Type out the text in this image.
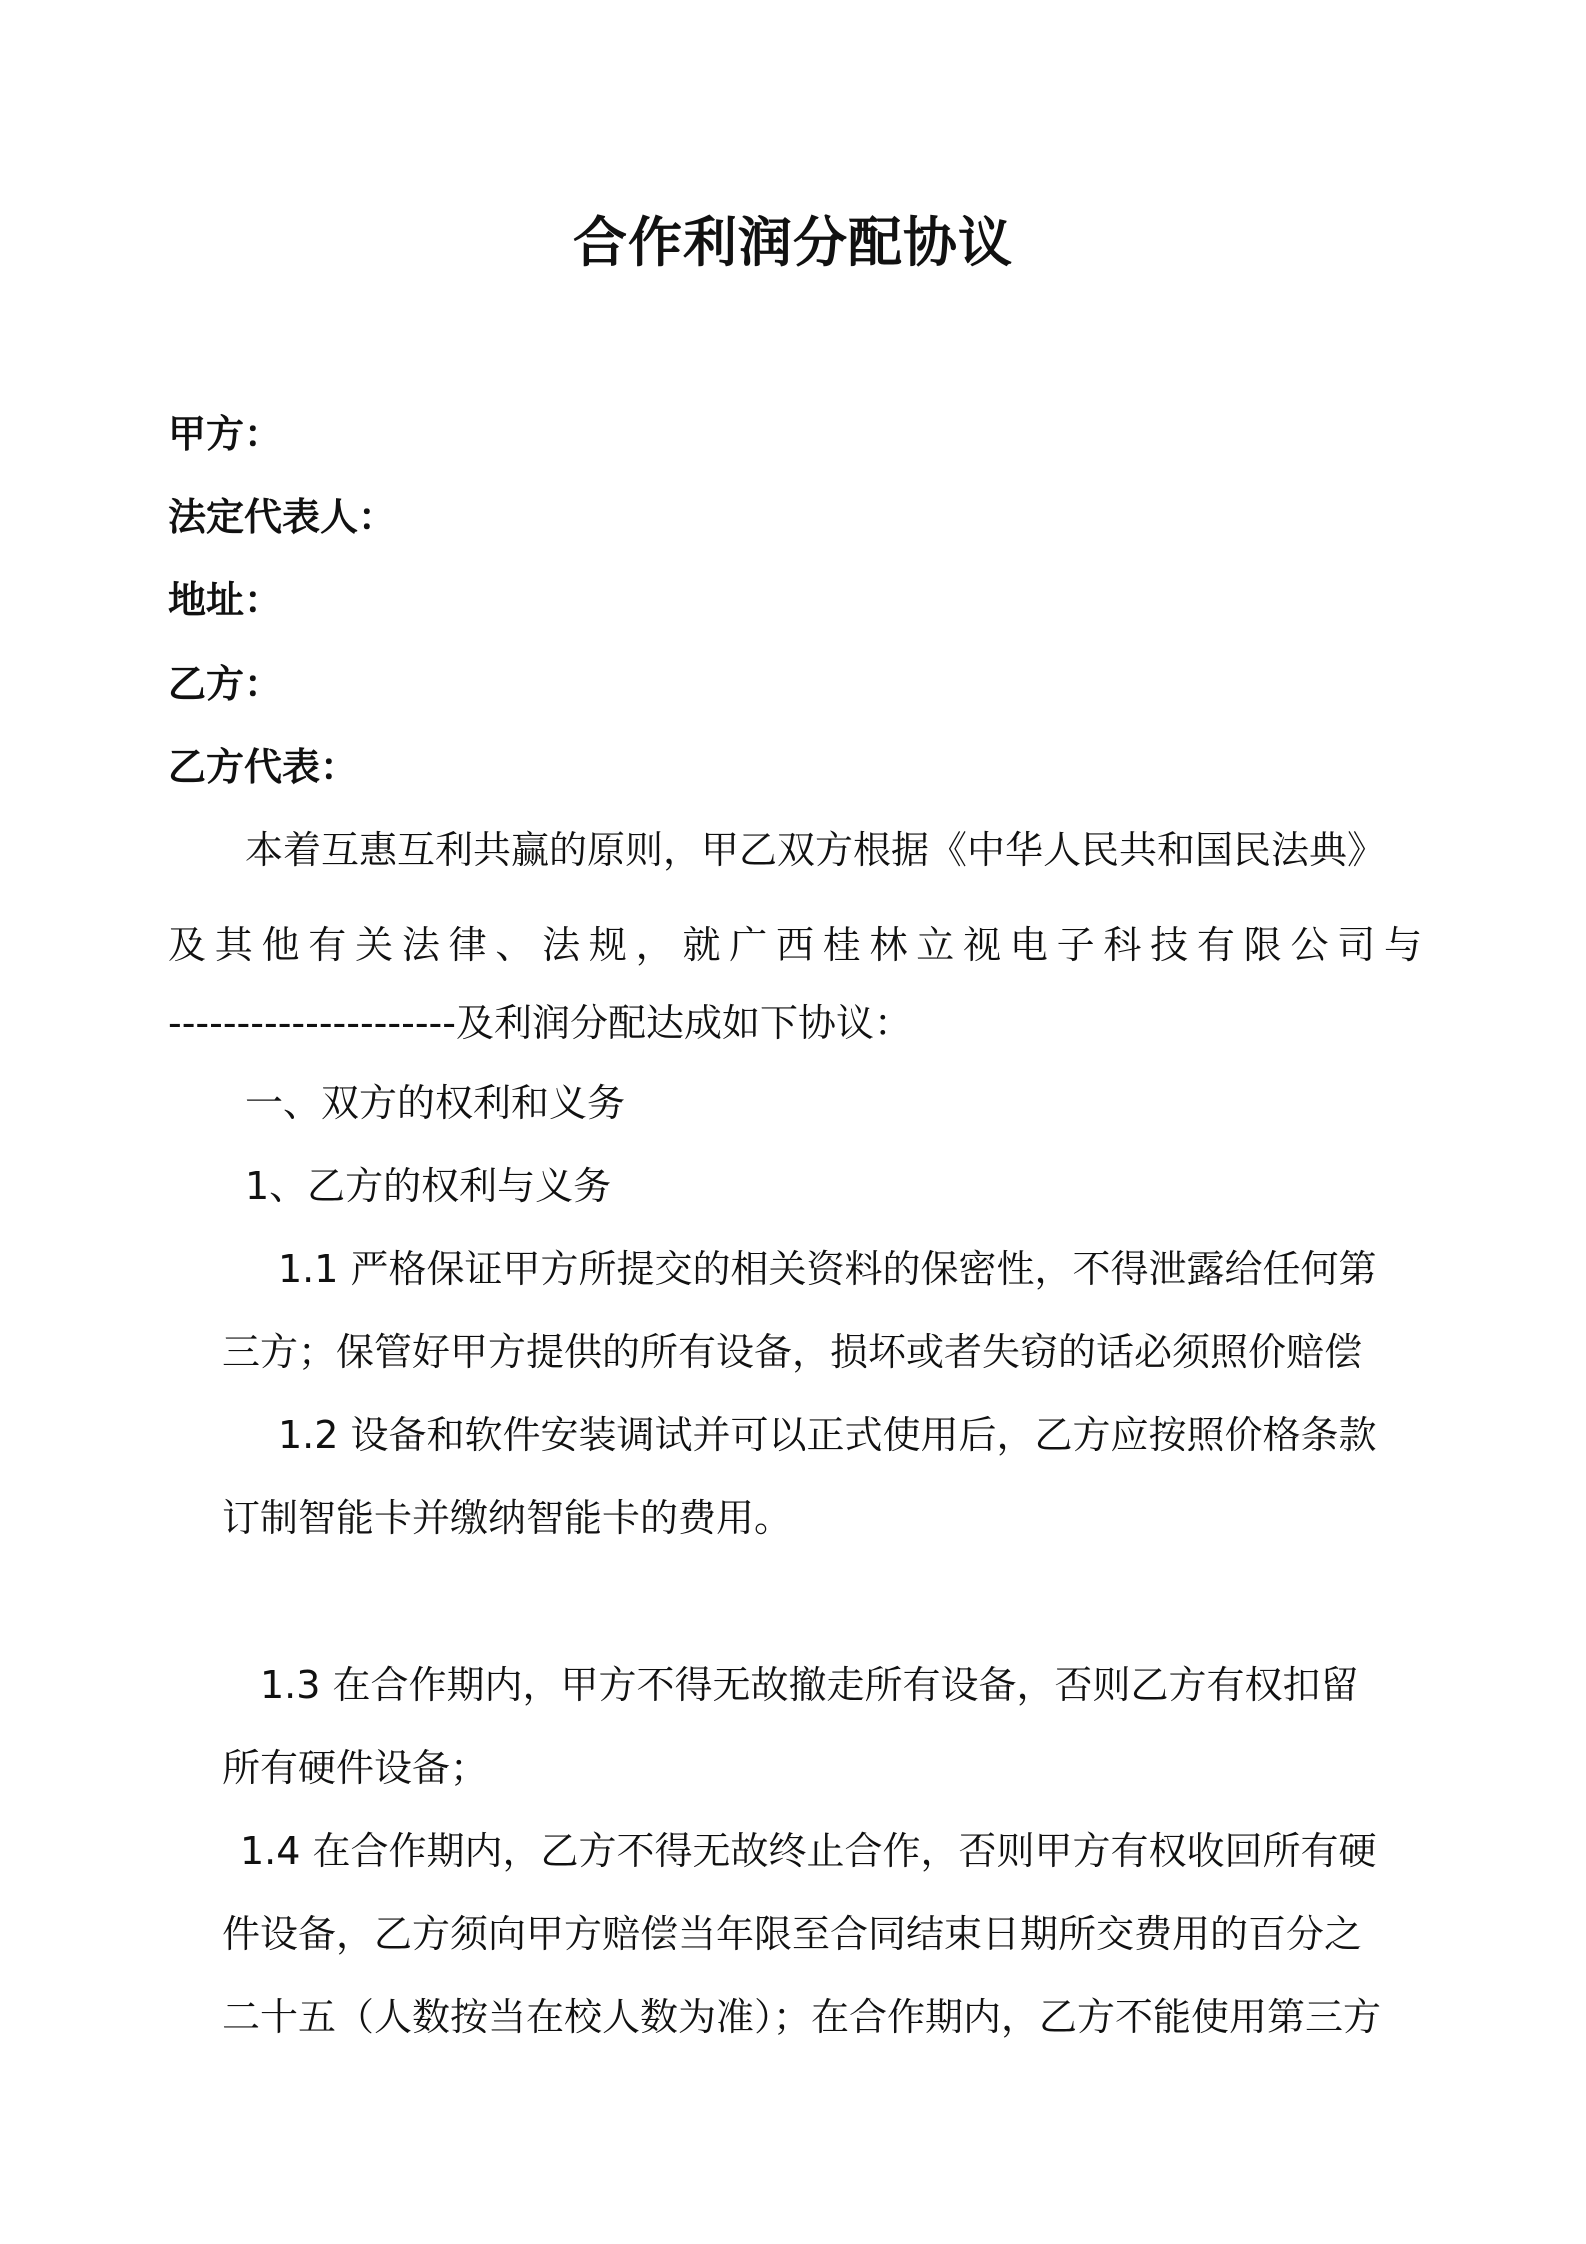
合作利润分配协议
甲方：
法定代表人：
地址：
乙方：
乙方代表：
本着互惠互利共赢的原则，甲乙双方根据《中华人民共和国民法典》
及其他有关法律、法规，就广西桂林立视电子科技有限公司与
---------------------及利润分配达成如下协议：
一、双方的权利和义务
1、乙方的权利与义务
1.1 严格保证甲方所提交的相关资料的保密性，不得泄露给任何第
三方；保管好甲方提供的所有设备，损坏或者失窃的话必须照价赔偿
1.2 设备和软件安装调试并可以正式使用后，乙方应按照价格条款
订制智能卡并缴纳智能卡的费用。
1.3 在合作期内，甲方不得无故撤走所有设备，否则乙方有权扣留
所有硬件设备；
1.4 在合作期内，乙方不得无故终止合作，否则甲方有权收回所有硬
件设备，乙方须向甲方赔偿当年限至合同结束日期所交费用的百分之
二十五（人数按当在校人数为准）；在合作期内，乙方不能使用第三方
